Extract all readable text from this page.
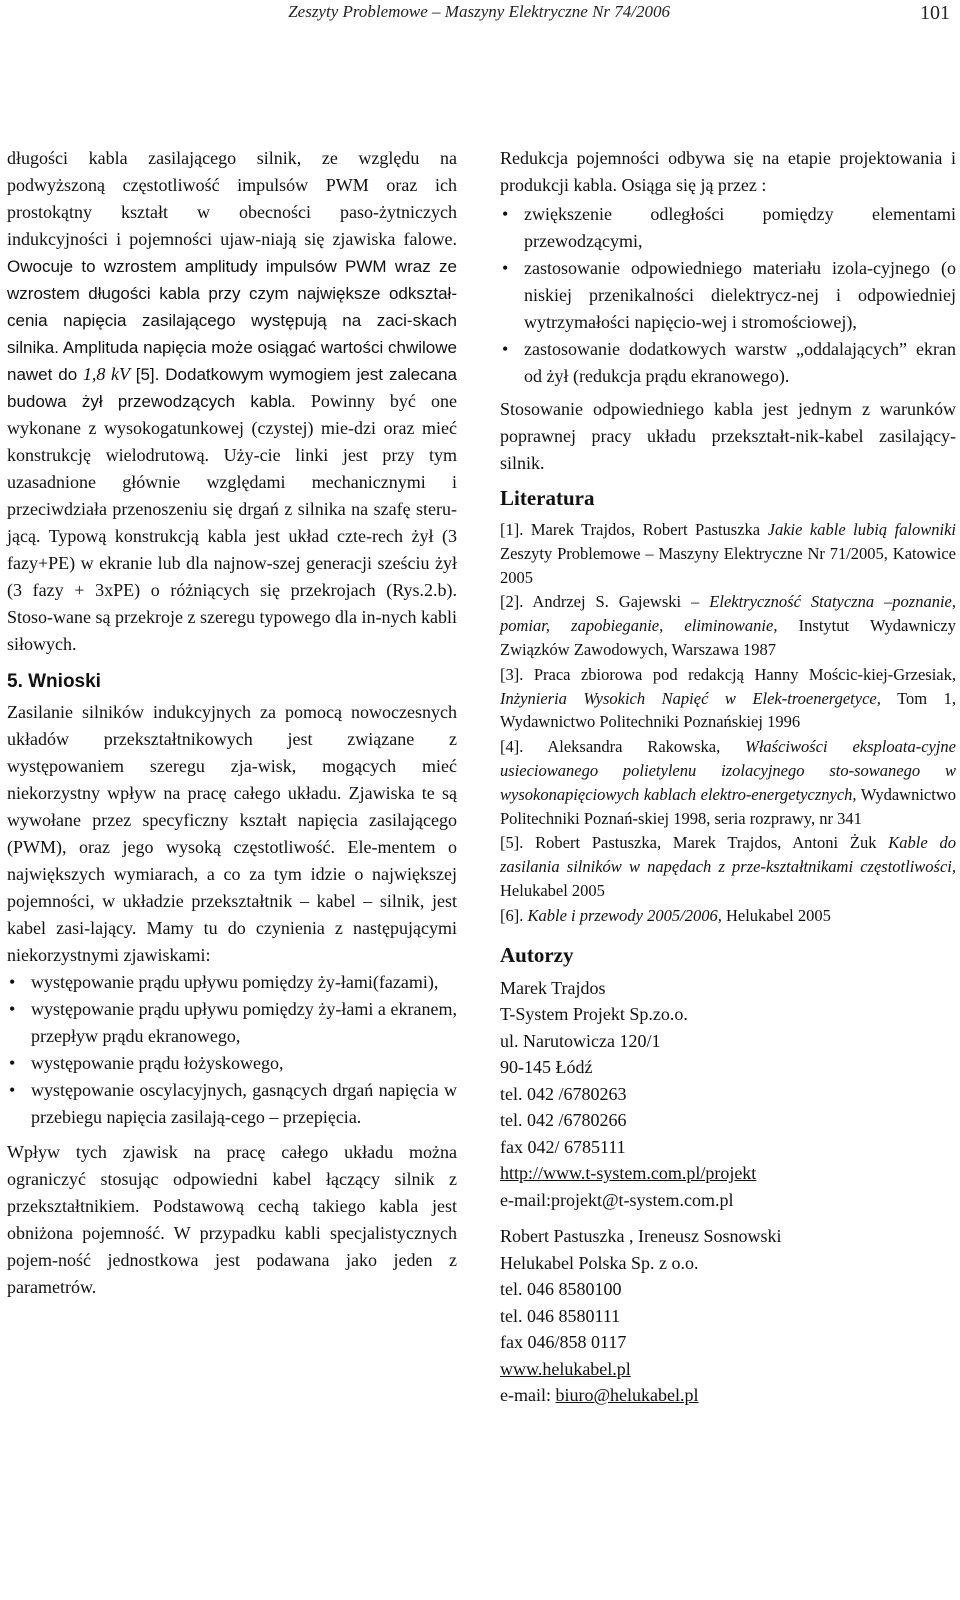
Zeszyty Problemowe – Maszyny Elektryczne Nr 74/2006	101

długości kabla zasilającego silnik, ze względu na podwyższoną częstotliwość impulsów PWM oraz ich prostokątny kształt w obecności paso-żytniczych indukcyjności i pojemności ujaw-niają się zjawiska falowe. Owocuje to wzrostem amplitudy impulsów PWM wraz ze wzrostem długości kabla przy czym największe odkształ-cenia napięcia zasilającego występują na zaci-skach silnika. Amplituda napięcia może osiągać wartości chwilowe nawet do 1,8 kV [5]. Dodatkowym wymogiem jest zalecana budowa żył przewodzących kabla. Powinny być one wykonane z wysokogatunkowej (czystej) mie-dzi oraz mieć konstrukcję wielodrutową. Uży-cie linki jest przy tym uzasadnione głównie względami mechanicznymi i przeciwdziała przenoszeniu się drgań z silnika na szafę steru-jącą. Typową konstrukcją kabla jest układ czte-rech żył (3 fazy+PE) w ekranie lub dla najnow-szej generacji sześciu żył (3 fazy + 3xPE) o różniących się przekrojach (Rys.2.b). Stoso-wane są przekroje z szeregu typowego dla in-nych kabli siłowych.

5. Wnioski

Zasilanie silników indukcyjnych za pomocą nowoczesnych układów przekształtnikowych jest związane z występowaniem szeregu zja-wisk, mogących mieć niekorzystny wpływ na pracę całego układu. Zjawiska te są wywołane przez specyficzny kształt napięcia zasilającego (PWM), oraz jego wysoką częstotliwość. Ele-mentem o największych wymiarach, a co za tym idzie o największej pojemności, w układzie przekształtnik – kabel – silnik, jest kabel zasi-lający. Mamy tu do czynienia z następującymi niekorzystnymi zjawiskami:

• występowanie prądu upływu pomiędzy ży-łami(fazami),
• występowanie prądu upływu pomiędzy ży-łami a ekranem, przepływ prądu ekranowego,
• występowanie prądu łożyskowego,
• występowanie oscylacyjnych, gasnących drgań napięcia w przebiegu napięcia zasilają-cego – przepięcia.

Wpływ tych zjawisk na pracę całego układu można ograniczyć stosując odpowiedni kabel łączący silnik z przekształtnikiem. Podstawową cechą takiego kabla jest obniżona pojemność. W przypadku kabli specjalistycznych pojem-ność jednostkowa jest podawana jako jeden z parametrów.

Redukcja pojemności odbywa się na etapie projektowania i produkcji kabla. Osiąga się ją przez :

• zwiększenie odległości pomiędzy elementami przewodzącymi,
• zastosowanie odpowiedniego materiału izola-cyjnego (o niskiej przenikalności dielektrycz-nej i odpowiedniej wytrzymałości napięcio-wej i stromościowej),
• zastosowanie dodatkowych warstw „oddalających” ekran od żył (redukcja prądu ekranowego).

Stosowanie odpowiedniego kabla jest jednym z warunków poprawnej pracy układu przekształt-nik-kabel zasilający-silnik.

Literatura
[1]. Marek Trajdos, Robert Pastuszka Jakie kable lubią falowniki Zeszyty Problemowe – Maszyny Elektryczne Nr 71/2005, Katowice 2005
[2]. Andrzej S. Gajewski – Elektryczność Statyczna –poznanie, pomiar, zapobieganie, eliminowanie, Instytut Wydawniczy Związków Zawodowych, Warszawa 1987
[3]. Praca zbiorowa pod redakcją Hanny Mościc-kiej-Grzesiak, Inżynieria Wysokich Napięć w Elek-troenergetyce, Tom 1, Wydawnictwo Politechniki Poznańskiej 1996
[4]. Aleksandra Rakowska, Właściwości eksploata-cyjne usieciowanego polietylenu izolacyjnego sto-sowanego w wysokonapięciowych kablach elektro-energetycznych, Wydawnictwo Politechniki Poznań-skiej 1998, seria rozprawy, nr 341
[5]. Robert Pastuszka, Marek Trajdos, Antoni Żuk Kable do zasilania silników w napędach z prze-kształtnikami częstotliwości, Helukabel 2005
[6]. Kable i przewody 2005/2006, Helukabel 2005
Autorzy
Marek Trajdos
T-System Projekt Sp.zo.o.
ul. Narutowicza 120/1
90-145 Łódź
tel. 042 /6780263
tel. 042 /6780266
fax 042/ 6785111
http://www.t-system.com.pl/projekt
e-mail:projekt@t-system.com.pl
Robert Pastuszka , Ireneusz Sosnowski
Helukabel Polska Sp. z o.o.
tel. 046 8580100
tel. 046 8580111
fax 046/858 0117
www.helukabel.pl
e-mail: biuro@helukabel.pl
